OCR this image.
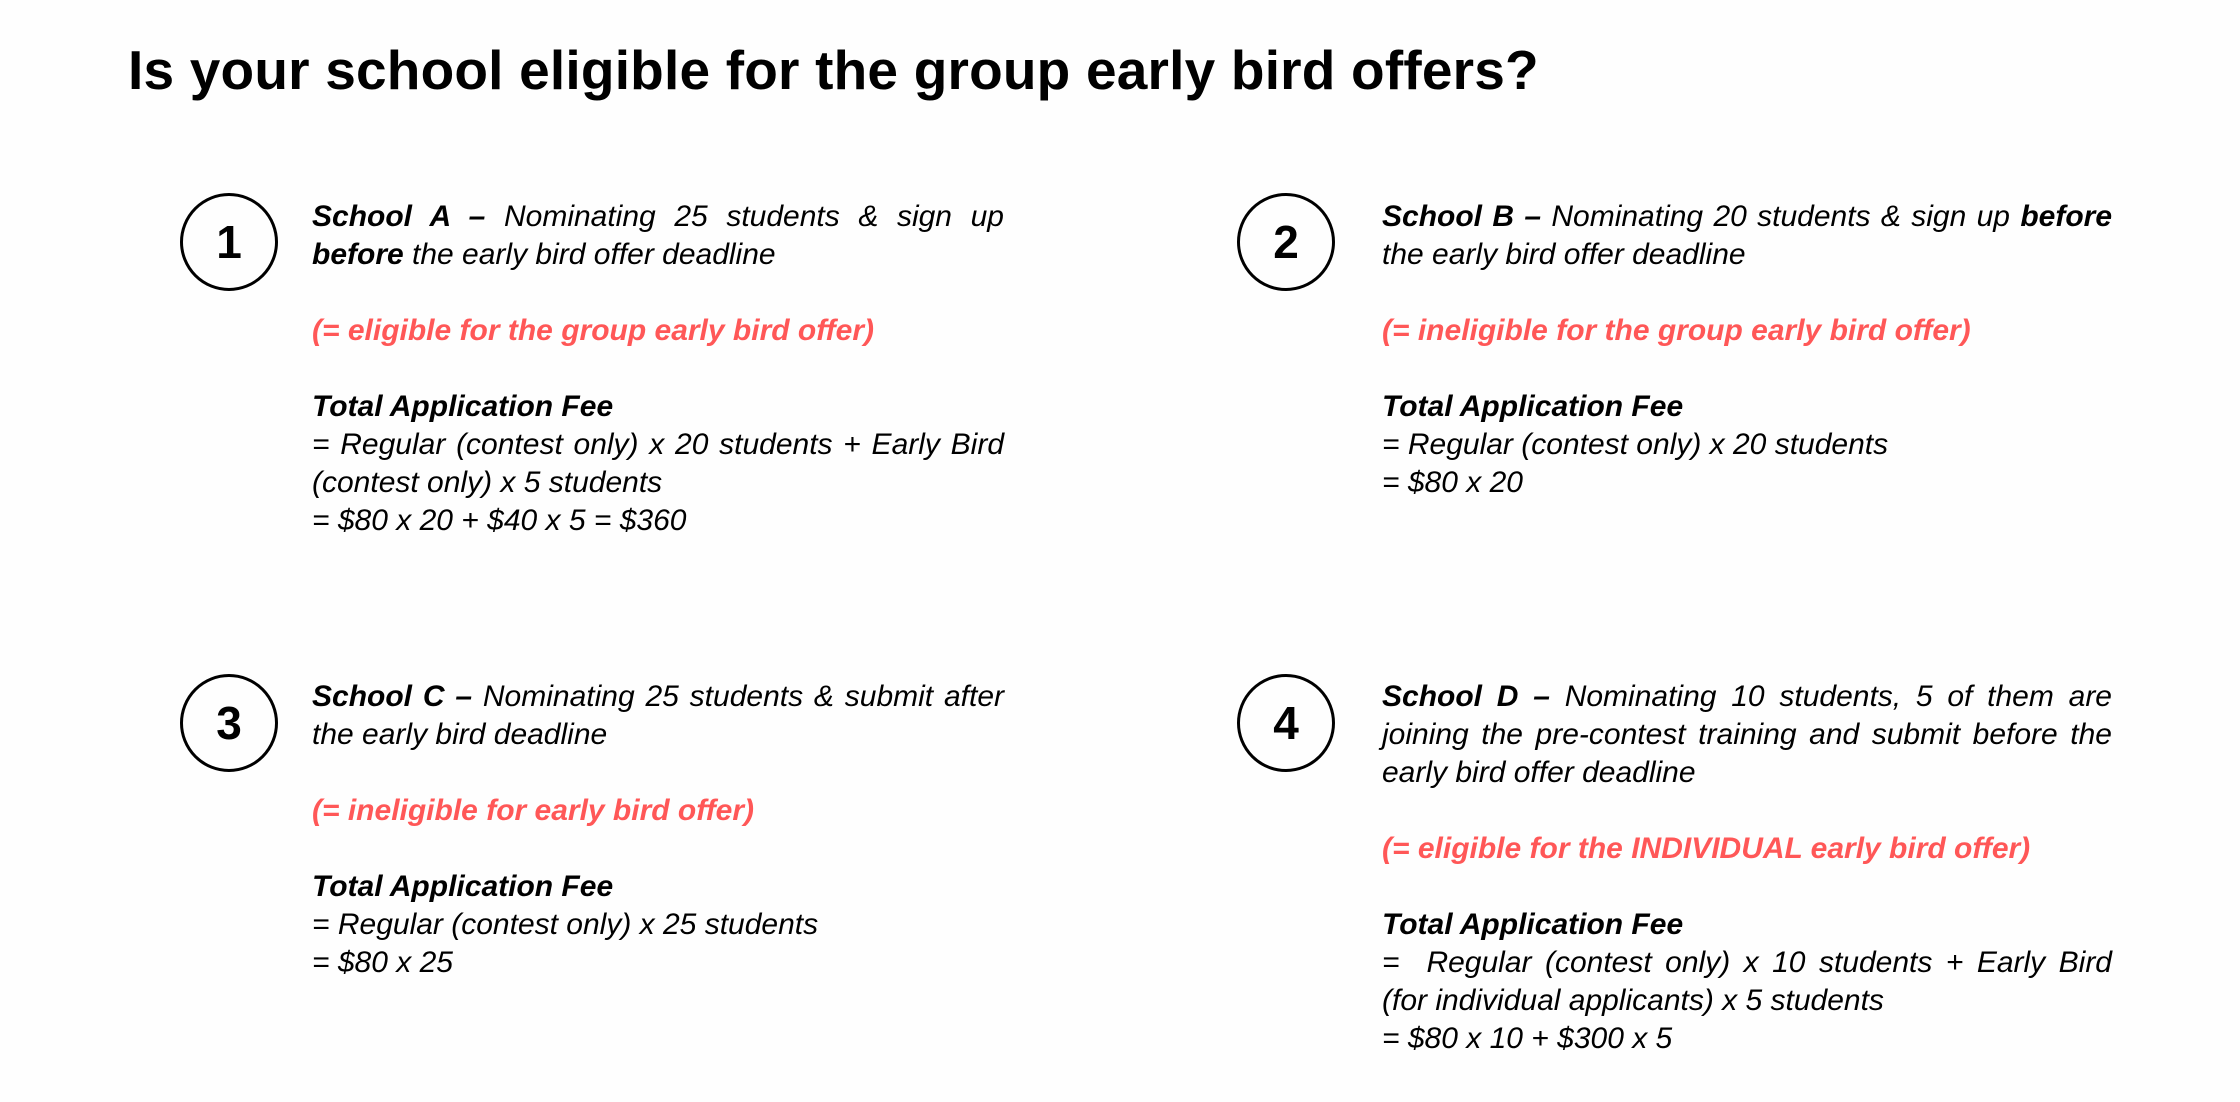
Is your school eligible for the group early bird offers?
1	School A – Nominating 25 students & sign up before the early bird offer deadline

(= eligible for the group early bird offer)

Total Application Fee

= Regular (contest only) x 20 students + Early Bird (contest only) x 5 students

= $80 x 20 + $40 x 5 = $360

2	School B – Nominating 20 students & sign up before the early bird offer deadline

(= ineligible for the group early bird offer)

Total Application Fee

= Regular (contest only) x 20 students

= $80 x 20

3

School C – Nominating 25 students & submit after the early bird deadline

(= ineligible for early bird offer)

Total Application Fee

= Regular (contest only) x 25 students

= $80 x 25

4

School D – Nominating 10 students, 5 of them are joining the pre-contest training and submit before the early bird offer deadline

(= eligible for the INDIVIDUAL early bird offer)

Total Application Fee

=  Regular (contest only) x 10 students + Early Bird (for individual applicants) x 5 students

= $80 x 10 + $300 x 5
